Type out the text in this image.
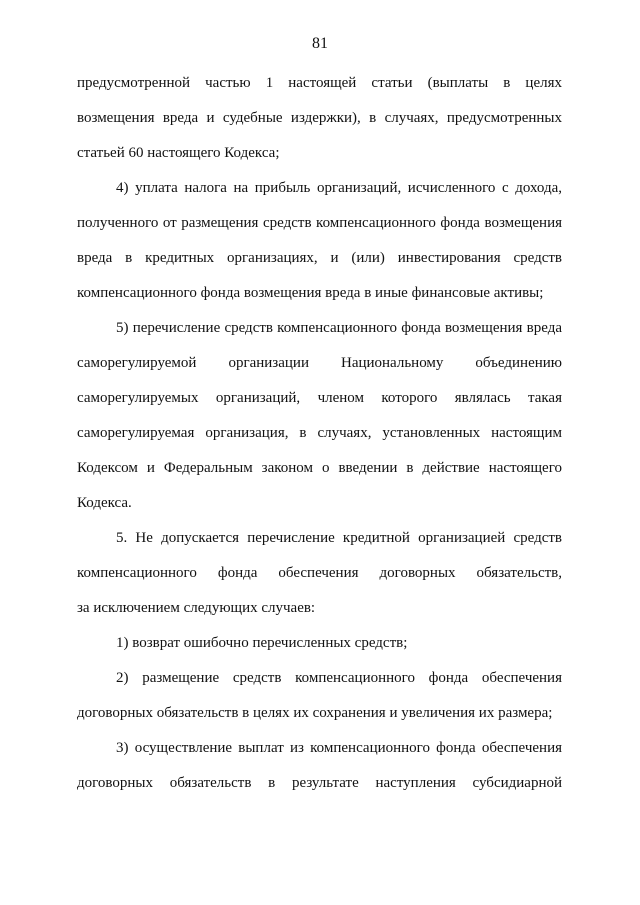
81
предусмотренной частью 1 настоящей статьи (выплаты в целях
возмещения вреда и судебные издержки), в случаях, предусмотренных
статьей 60 настоящего Кодекса;
4) уплата налога на прибыль организаций, исчисленного с дохода,
полученного от размещения средств компенсационного фонда возмещения
вреда в кредитных организациях, и (или) инвестирования средств
компенсационного фонда возмещения вреда в иные финансовые активы;
5) перечисление средств компенсационного фонда возмещения вреда
саморегулируемой организации Национальному объединению
саморегулируемых организаций, членом которого являлась такая
саморегулируемая организация, в случаях, установленных настоящим
Кодексом и Федеральным законом о введении в действие настоящего
Кодекса.
5. Не допускается перечисление кредитной организацией средств
компенсационного фонда обеспечения договорных обязательств,
за исключением следующих случаев:
1) возврат ошибочно перечисленных средств;
2) размещение средств компенсационного фонда обеспечения
договорных обязательств в целях их сохранения и увеличения их размера;
3) осуществление выплат из компенсационного фонда обеспечения
договорных обязательств в результате наступления субсидиарной
